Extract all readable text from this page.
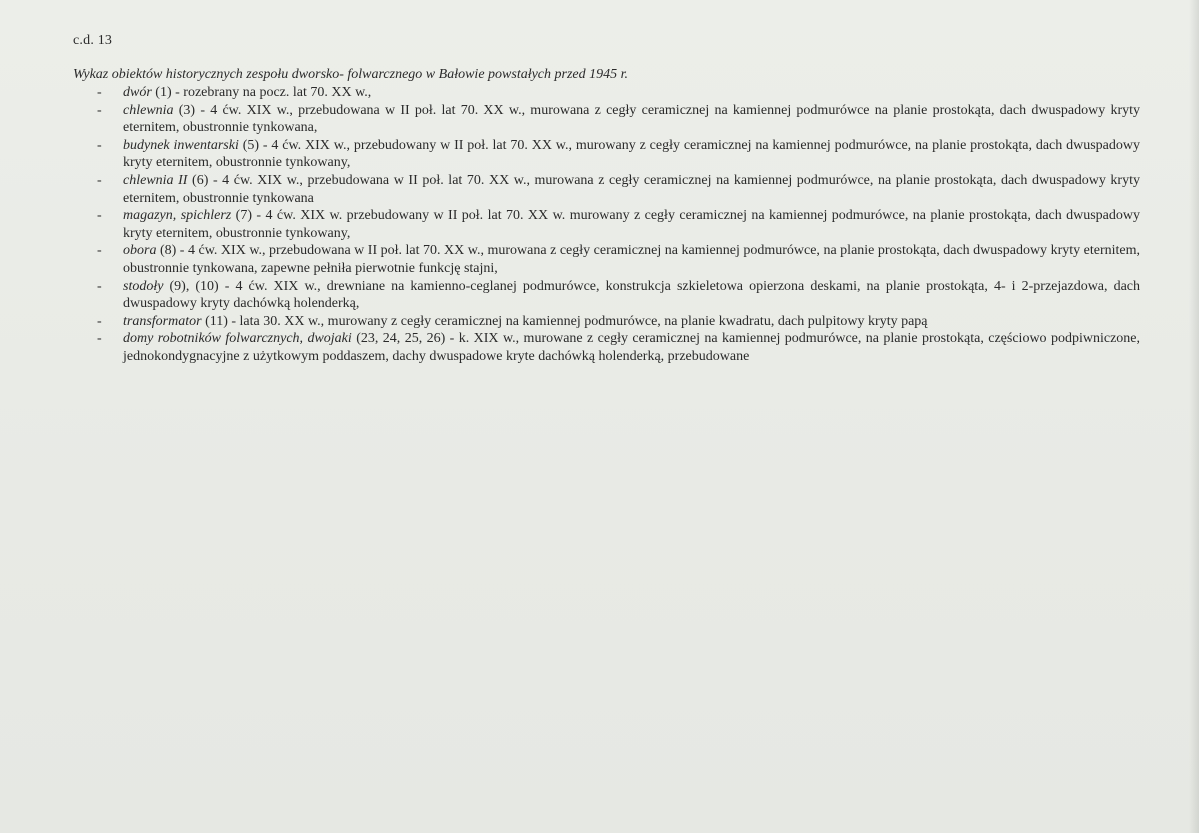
c.d. 13
Wykaz obiektów historycznych zespołu dworsko- folwarcznego w Bałowie powstałych przed 1945 r.
- dwór (1) - rozebrany na pocz. lat 70. XX w.,
- chlewnia (3) - 4 ćw. XIX w., przebudowana w II poł. lat 70. XX w., murowana z cegły ceramicznej na kamiennej podmurówce na planie prostokąta, dach dwuspadowy kryty eternitem, obustronnie tynkowana,
- budynek inwentarski (5) - 4 ćw. XIX w., przebudowany w II poł. lat 70. XX w., murowany z cegły ceramicznej na kamiennej podmurówce, na planie prostokąta, dach dwuspadowy kryty eternitem, obustronnie tynkowany,
- chlewnia II (6) - 4 ćw. XIX w., przebudowana w II poł. lat 70. XX w., murowana z cegły ceramicznej na kamiennej podmurówce, na planie prostokąta, dach dwuspadowy kryty eternitem, obustronnie tynkowana
- magazyn, spichlerz (7) - 4 ćw. XIX w. przebudowany w II poł. lat 70. XX w. murowany z cegły ceramicznej na kamiennej podmurówce, na planie prostokąta, dach dwuspadowy kryty eternitem, obustronnie tynkowany,
- obora (8) - 4 ćw. XIX w., przebudowana w II poł. lat 70. XX w., murowana z cegły ceramicznej na kamiennej podmurówce, na planie prostokąta, dach dwuspadowy kryty eternitem, obustronnie tynkowana, zapewne pełniła pierwotnie funkcję stajni,
- stodoły (9), (10) - 4 ćw. XIX w., drewniane na kamienno-ceglanej podmurówce, konstrukcja szkieletowa opierzona deskami, na planie prostokąta, 4- i 2-przejazdowa, dach dwuspadowy kryty dachówką holenderką,
- transformator (11) - lata 30. XX w., murowany z cegły ceramicznej na kamiennej podmurówce, na planie kwadratu, dach pulpitowy kryty papą
- domy robotników folwarcznych, dwojaki (23, 24, 25, 26) - k. XIX w., murowane z cegły ceramicznej na kamiennej podmurówce, na planie prostokąta, częściowo podpiwniczone, jednokondygnacyjne z użytkowym poddaszem, dachy dwuspadowe kryte dachówką holenderką, przebudowane
